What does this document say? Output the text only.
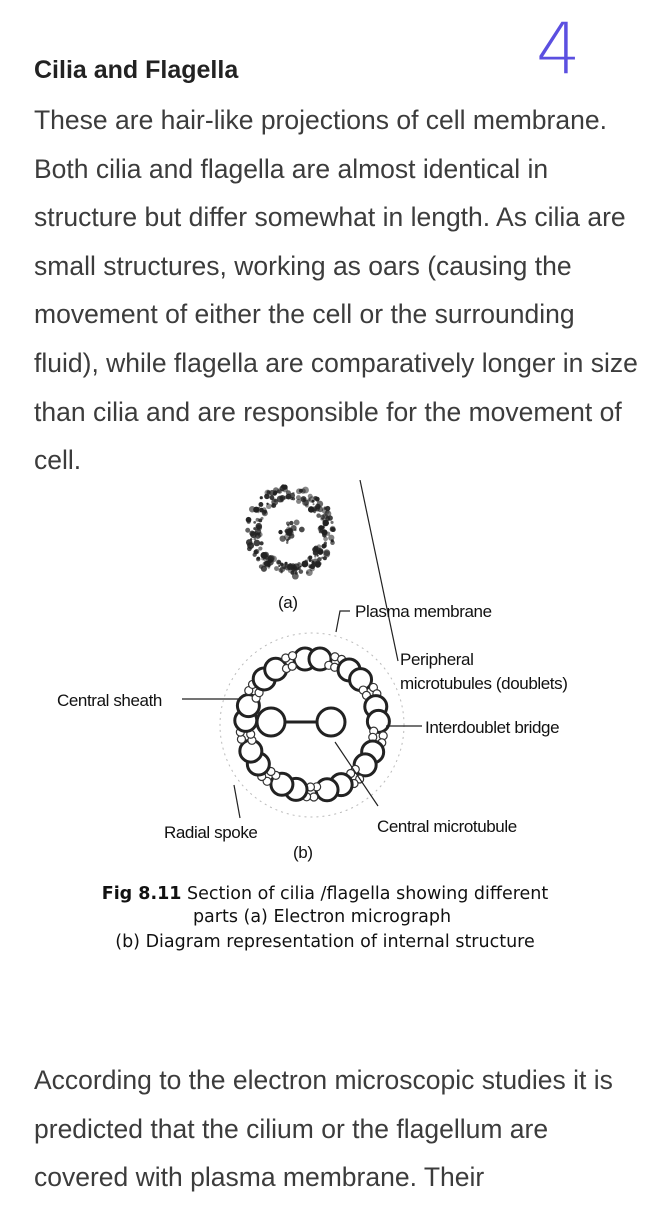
4
Cilia and Flagella

These are hair-like projections of cell membrane. Both cilia and flagella are almost identical in structure but differ somewhat in length. As cilia are small structures, working as oars (causing the movement of either the cell or the surrounding fluid), while flagella are comparatively longer in size than cilia and are responsible for the movement of cell.

(a)	Plasma membrane
Peripheral
microtubules (doublets)
Central sheath
Interdoublet bridge
Radial spoke	Central microtubule
(b)
Fig 8.11 Section of cilia /flagella showing different
parts (a) Electron micrograph
(b) Diagram representation of internal structure

According to the electron microscopic studies it is predicted that the cilium or the flagellum are covered with plasma membrane. Their
